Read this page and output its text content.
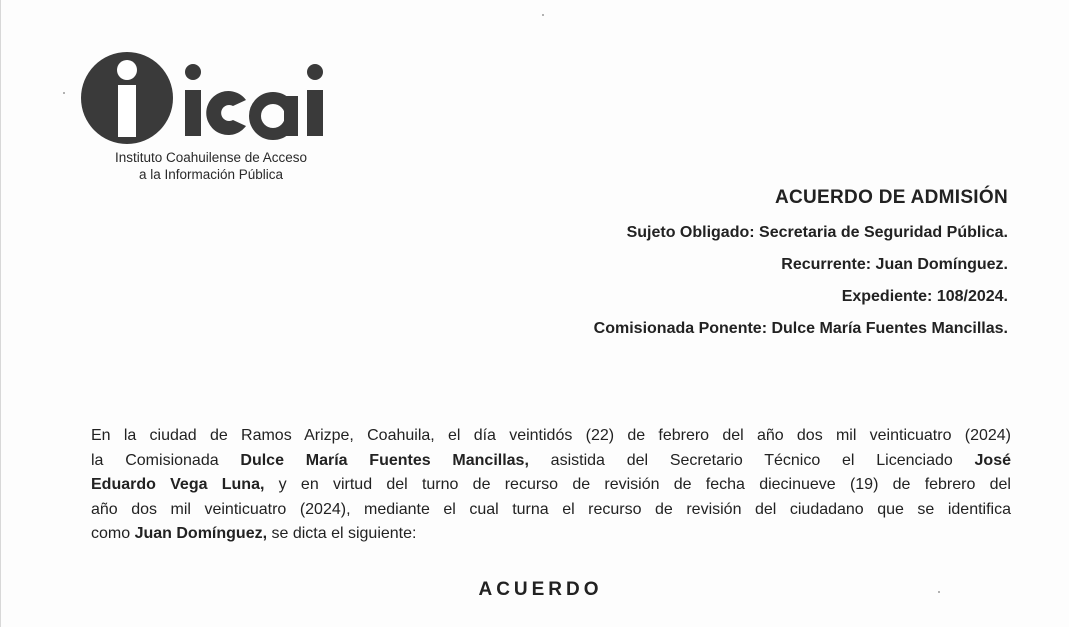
Instituto Coahuilense de Acceso
a la Información Pública
ACUERDO DE ADMISIÓN
Sujeto Obligado: Secretaria de Seguridad Pública.
Recurrente: Juan Domínguez.
Expediente: 108/2024.
Comisionada Ponente: Dulce María Fuentes Mancillas.
En la ciudad de Ramos Arizpe, Coahuila, el día veintidós (22) de febrero del año dos mil veinticuatro (2024)
la Comisionada Dulce María Fuentes Mancillas, asistida del Secretario Técnico el Licenciado José
Eduardo Vega Luna, y en virtud del turno de recurso de revisión de fecha diecinueve (19) de febrero del
año dos mil veinticuatro (2024), mediante el cual turna el recurso de revisión del ciudadano que se identifica
como Juan Domínguez, se dicta el siguiente:
ACUERDO
